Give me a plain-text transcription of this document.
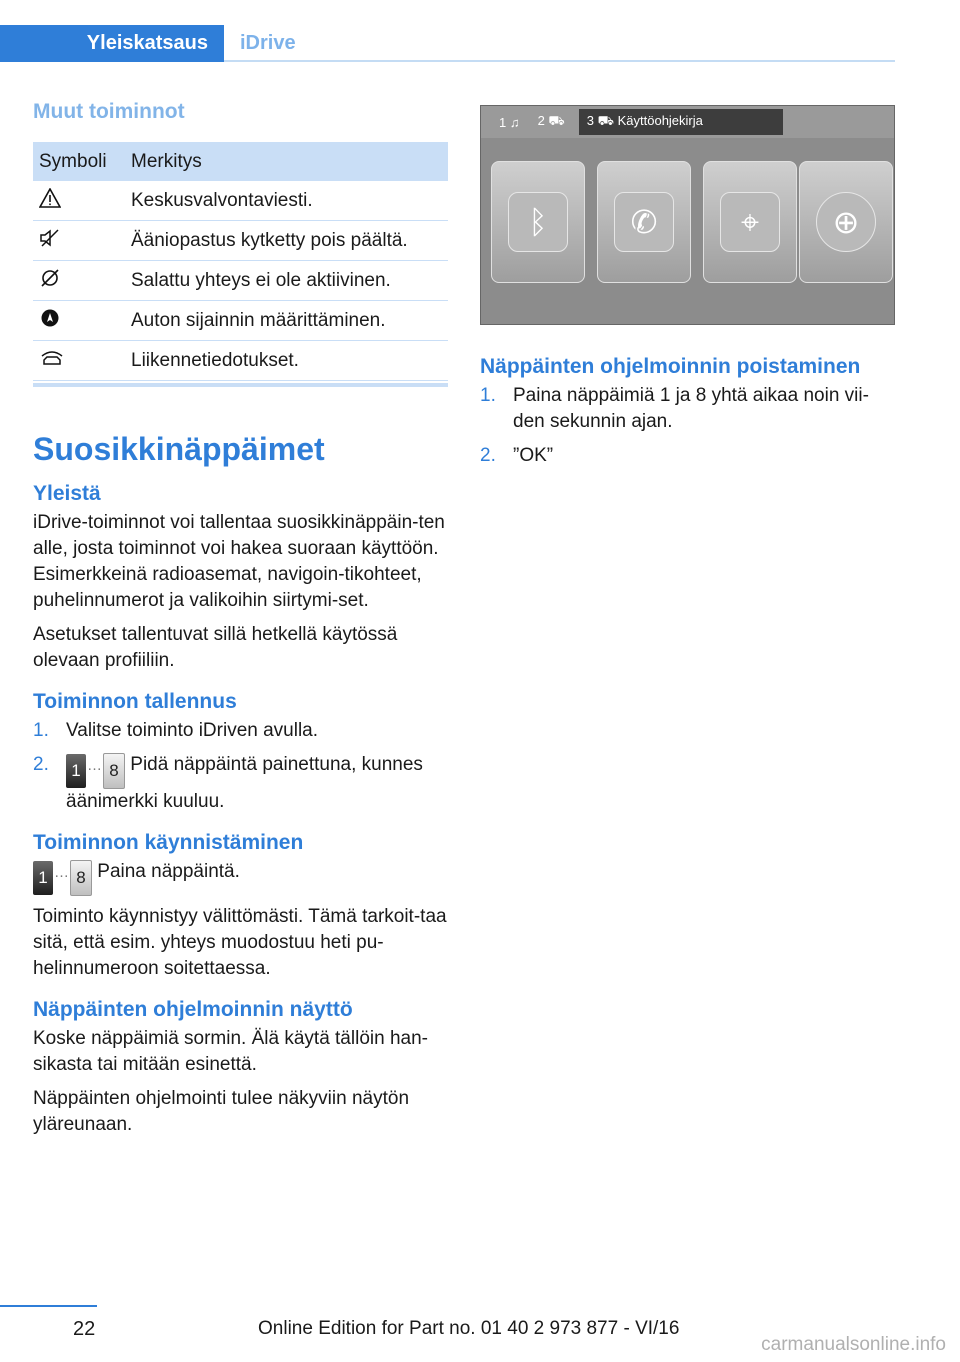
Yleiskatsaus	iDrive
Muut toiminnot
Symboli	Merkitys
	Keskusvalvontaviesti.
	Ääniopastus kytketty pois päältä.
	Salattu yhteys ei ole aktiivinen.
	Auton sijainnin määrittäminen.
	Liikennetiedotukset.
Suosikkinäppäimet
Yleistä

iDrive-toiminnot voi tallentaa suosikkinäppäin-ten alle, josta toiminnot voi hakea suoraan käyttöön. Esimerkkeinä radioasemat, navigoin-tikohteet, puhelinnumerot ja valikoihin siirtymi-set.

Asetukset tallentuvat sillä hetkellä käytössä olevaan profiiliin.

Toiminnon tallennus
1. Valitse toiminto iDriven avulla.
2.	1 … 8 Pidä näppäintä painettuna, kunnes äänimerkki kuuluu.
Toiminnon käynnistäminen

1 … 8 Paina näppäintä.

Toiminto käynnistyy välittömästi. Tämä tarkoit-taa sitä, että esim. yhteys muodostuu heti pu-helinnumeroon soitettaessa.

Näppäinten ohjelmoinnin näyttö

Koske näppäimiä sormin. Älä käytä tällöin han-sikasta tai mitään esinettä.

Näppäinten ohjelmointi tulee näkyviin näytön yläreunaan.

1 ♫ 2 ⛟	3 ⛟ Käyttöohjekirja
ᛒ	✆	⌖	⊕
Näppäinten ohjelmoinnin poistaminen
1. Paina näppäimiä 1 ja 8 yhtä aikaa noin vii-den sekunnin ajan.
2. ”OK”
22	Online Edition for Part no. 01 40 2 973 877 - VI/16
carmanualsonline.info
